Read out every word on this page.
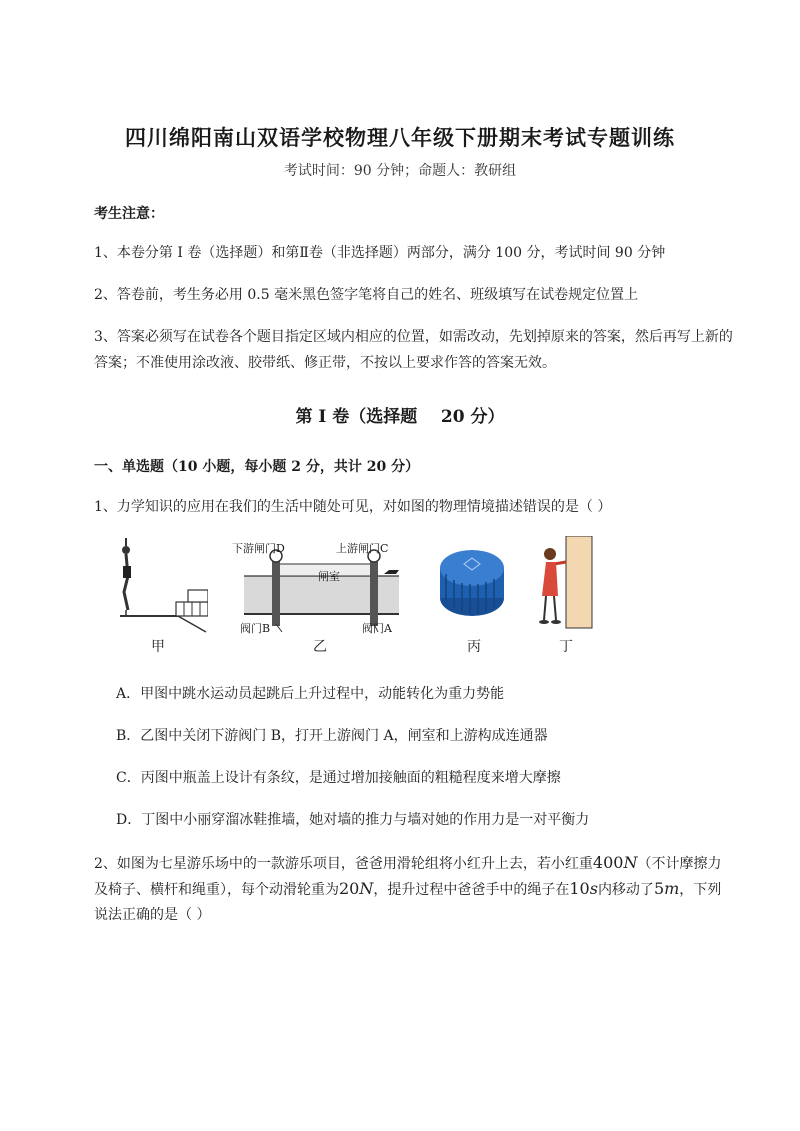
四川绵阳南山双语学校物理八年级下册期末考试专题训练
考试时间：90 分钟；命题人：教研组
考生注意：
1、本卷分第 I 卷（选择题）和第Ⅱ卷（非选择题）两部分，满分 100 分，考试时间 90 分钟
2、答卷前，考生务必用 0.5 毫米黑色签字笔将自己的姓名、班级填写在试卷规定位置上
3、答案必须写在试卷各个题目指定区域内相应的位置，如需改动，先划掉原来的答案，然后再写上新的答案；不准使用涂改液、胶带纸、修正带，不按以上要求作答的答案无效。
第 I 卷（选择题    20 分）
一、单选题（10 小题，每小题 2 分，共计 20 分）
1、力学知识的应用在我们的生活中随处可见，对如图的物理情境描述错误的是（ ）
甲
下游闸门D	上游闸门C
闸室
阀门B	阀门A
乙	丙	丁
A．甲图中跳水运动员起跳后上升过程中，动能转化为重力势能
B．乙图中关闭下游阀门 B，打开上游阀门 A，闸室和上游构成连通器
C．丙图中瓶盖上设计有条纹，是通过增加接触面的粗糙程度来增大摩擦
D．丁图中小丽穿溜冰鞋推墙，她对墙的推力与墙对她的作用力是一对平衡力
2、如图为七星游乐场中的一款游乐项目，爸爸用滑轮组将小红升上去，若小红重400N（不计摩擦力
及椅子、横杆和绳重），每个动滑轮重为20N，提升过程中爸爸手中的绳子在10s内移动了5m，下列
说法正确的是（ ）
